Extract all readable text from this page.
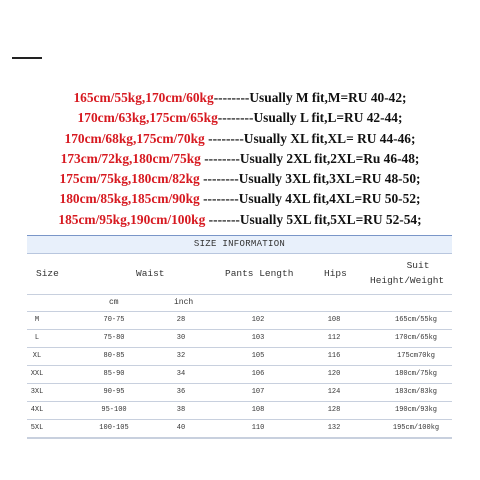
165cm/55kg,170cm/60kg--------Usually M fit,M=RU 40-42;
170cm/63kg,175cm/65kg--------Usually L fit,L=RU 42-44;
170cm/68kg,175cm/70kg --------Usually XL fit,XL= RU 44-46;
173cm/72kg,180cm/75kg --------Usually 2XL fit,2XL=Ru 46-48;
175cm/75kg,180cm/82kg --------Usually 3XL fit,3XL=RU 48-50;
180cm/85kg,185cm/90kg --------Usually 4XL fit,4XL=RU 50-52;
185cm/95kg,190cm/100kg -------Usually 5XL fit,5XL=RU 52-54;
SIZE INFORMATION
Size	Waist	Pants Length	Hips
Suit
Height/Weight
cm	inch
M	70-75	28	102	108	165cm/55kg
L	75-80	30	103	112	170cm/65kg
XL	80-85	32	105	116	175cm70kg
XXL	85-90	34	106	120	180cm/75kg
3XL	90-95	36	107	124	183cm/83kg
4XL	95-100	38	108	128	190cm/93kg
5XL	100-105	40	110	132	195cm/100kg
